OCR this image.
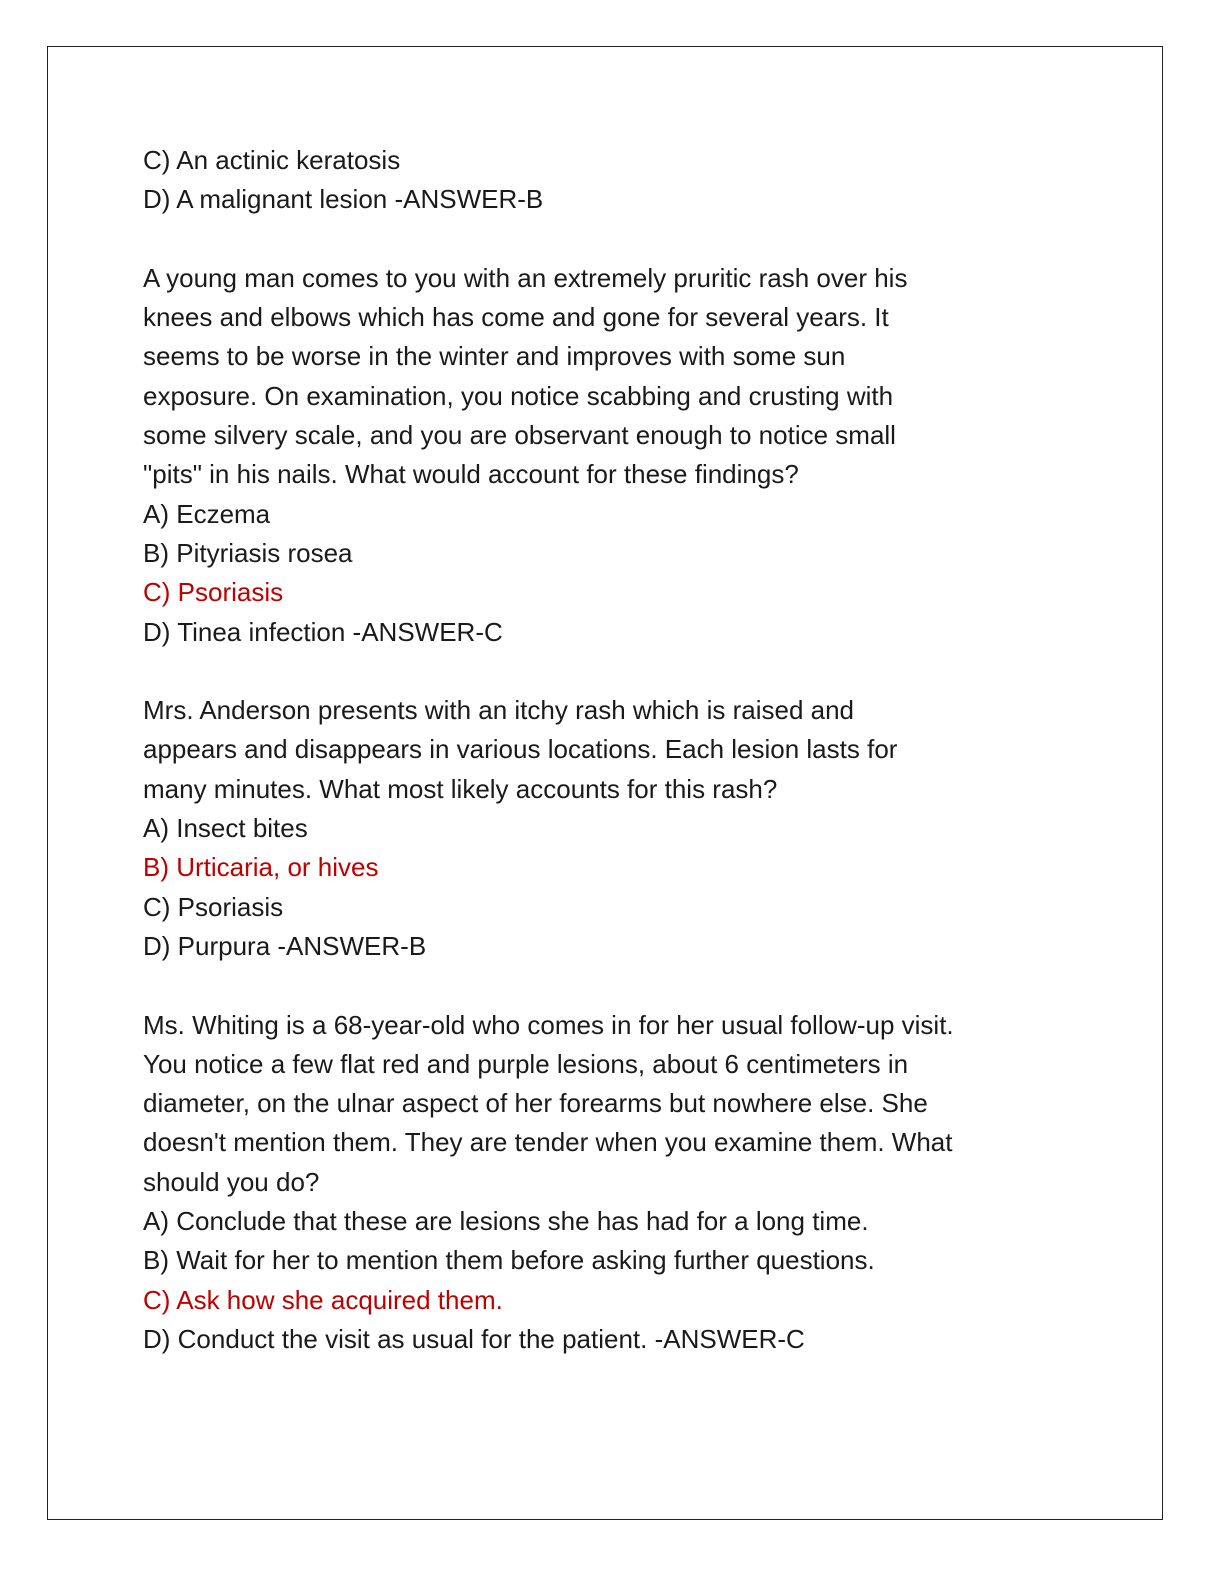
C) An actinic keratosis
D) A malignant lesion -ANSWER-B
A young man comes to you with an extremely pruritic rash over his
knees and elbows which has come and gone for several years. It
seems to be worse in the winter and improves with some sun
exposure. On examination, you notice scabbing and crusting with
some silvery scale, and you are observant enough to notice small
"pits" in his nails. What would account for these findings?
A) Eczema
B) Pityriasis rosea
C) Psoriasis
D) Tinea infection -ANSWER-C
Mrs. Anderson presents with an itchy rash which is raised and
appears and disappears in various locations. Each lesion lasts for
many minutes. What most likely accounts for this rash?
A) Insect bites
B) Urticaria, or hives
C) Psoriasis
D) Purpura -ANSWER-B
Ms. Whiting is a 68-year-old who comes in for her usual follow-up visit.
You notice a few flat red and purple lesions, about 6 centimeters in
diameter, on the ulnar aspect of her forearms but nowhere else. She
doesn't mention them. They are tender when you examine them. What
should you do?
A) Conclude that these are lesions she has had for a long time.
B) Wait for her to mention them before asking further questions.
C) Ask how she acquired them.
D) Conduct the visit as usual for the patient. -ANSWER-C
